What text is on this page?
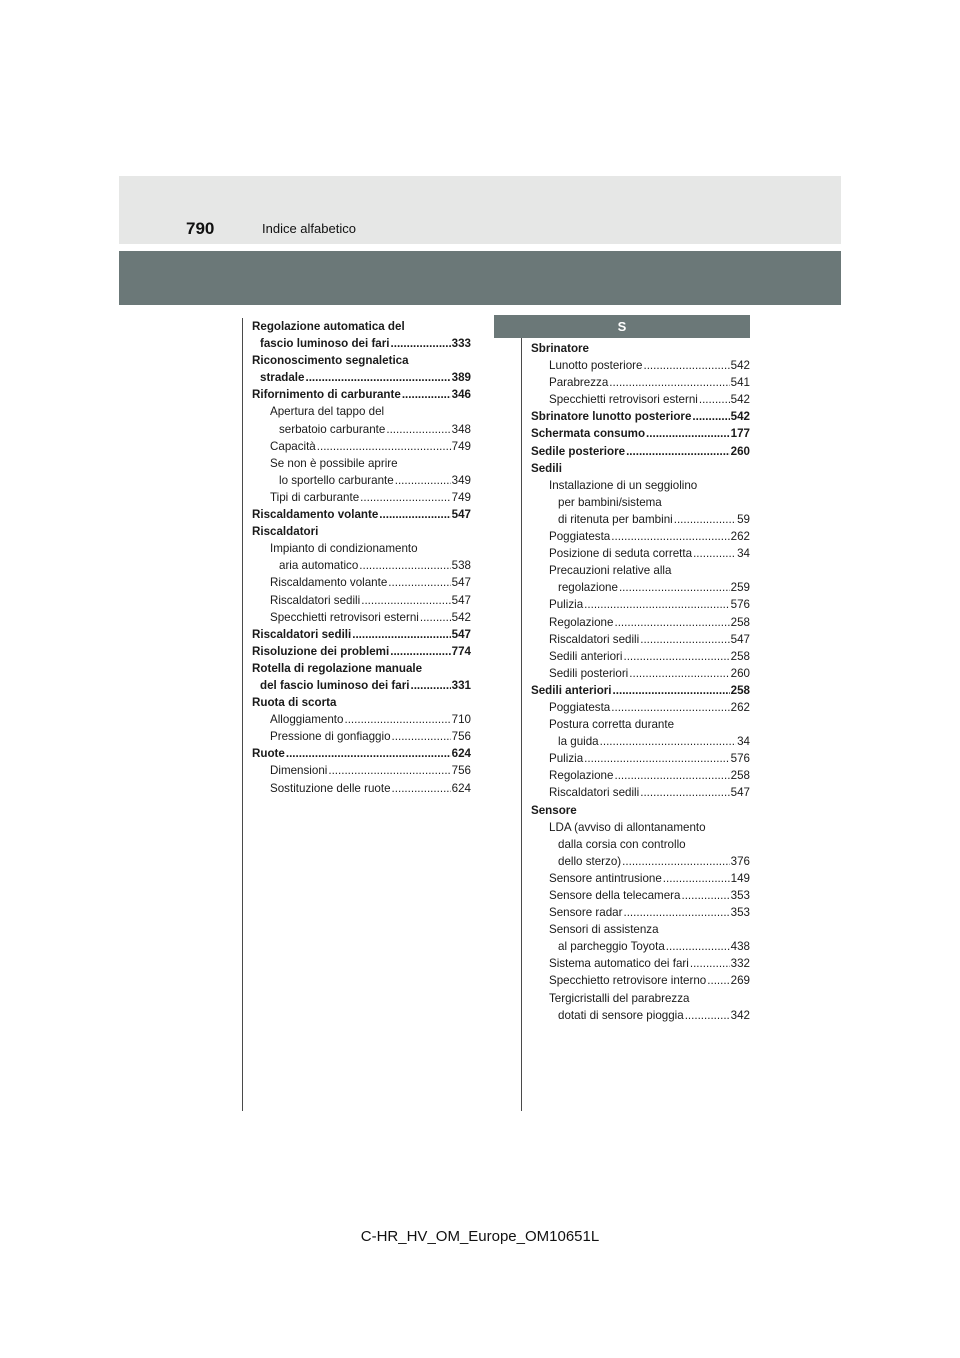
790	Indice alfabetico
Regolazione automatica del
fascio luminoso dei fari .....	333
Riconoscimento segnaletica
stradale .....	389
Rifornimento di carburante .....	346
Apertura del tappo del
serbatoio carburante .....	348
Capacità .....	749
Se non è possibile aprire
lo sportello carburante .....	349
Tipi di carburante .....	749
Riscaldamento volante .....	547
Riscaldatori
Impianto di condizionamento
aria automatico .....	538
Riscaldamento volante .....	547
Riscaldatori sedili .....	547
Specchietti retrovisori esterni .....	542
Riscaldatori sedili .....	547
Risoluzione dei problemi .....	774
Rotella di regolazione manuale
del fascio luminoso dei fari .....	331
Ruota di scorta
Alloggiamento .....	710
Pressione di gonfiaggio .....	756
Ruote .....	624
Dimensioni .....	756
Sostituzione delle ruote .....	624
S
Sbrinatore
Lunotto posteriore .....	542
Parabrezza .....	541
Specchietti retrovisori esterni .....	542
Sbrinatore lunotto posteriore .....	542
Schermata consumo .....	177
Sedile posteriore .....	260
Sedili
Installazione di un seggiolino
per bambini/sistema
di ritenuta per bambini .....	59
Poggiatesta .....	262
Posizione di seduta corretta .....	34
Precauzioni relative alla
regolazione .....	259
Pulizia .....	576
Regolazione .....	258
Riscaldatori sedili .....	547
Sedili anteriori .....	258
Sedili posteriori .....	260
Sedili anteriori .....	258
Poggiatesta .....	262
Postura corretta durante
la guida .....	34
Pulizia .....	576
Regolazione .....	258
Riscaldatori sedili .....	547
Sensore
LDA (avviso di allontanamento
dalla corsia con controllo
dello sterzo) .....	376
Sensore antintrusione .....	149
Sensore della telecamera .....	353
Sensore radar .....	353
Sensori di assistenza
al parcheggio Toyota .....	438
Sistema automatico dei fari .....	332
Specchietto retrovisore interno ..... 269
Tergicristalli del parabrezza
dotati di sensore pioggia .....	342
C-HR_HV_OM_Europe_OM10651L
